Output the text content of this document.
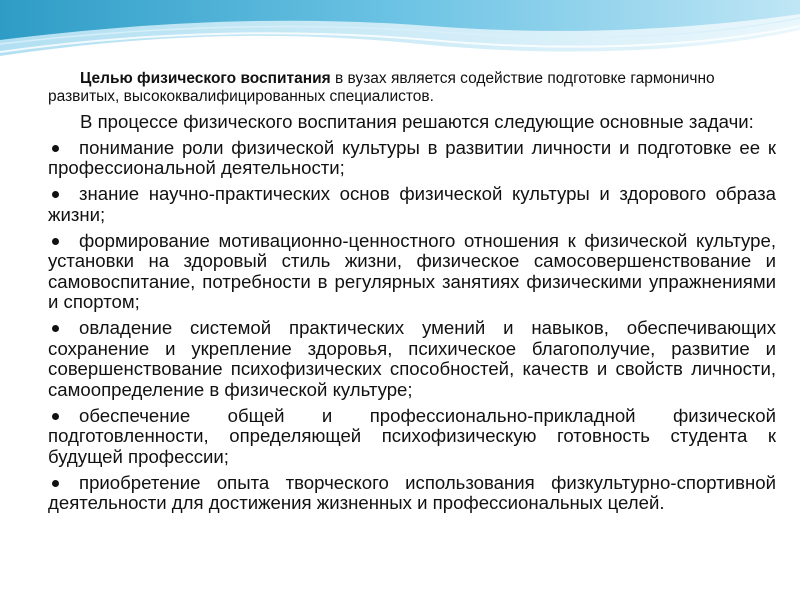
Целью физического воспитания в вузах является содействие подготовке гармонично развитых, высококвалифицированных специалистов.

В процессе физического воспитания решаются следующие основные задачи:

понимание роли физической культуры в развитии личности и подготовке ее к профессиональной деятельности;
знание научно-практических основ физической культуры и здорового образа жизни;
формирование мотивационно-ценностного отношения к физической культуре, установки на здоровый стиль жизни, физическое самосовершенствование и самовоспитание, потребности в регулярных занятиях физическими упражнениями и спортом;
овладение системой практических умений и навыков, обеспечивающих сохранение и укрепление здоровья, психическое благополучие, развитие и совершенствование психофизических способностей, качеств и свойств личности, самоопределение в физической культуре;
обеспечение общей и профессионально-прикладной физической подготовленности, определяющей психофизическую готовность студента к будущей профессии;
приобретение опыта творческого использования физкультурно-спортивной деятельности для достижения жизненных и профессиональных целей.
